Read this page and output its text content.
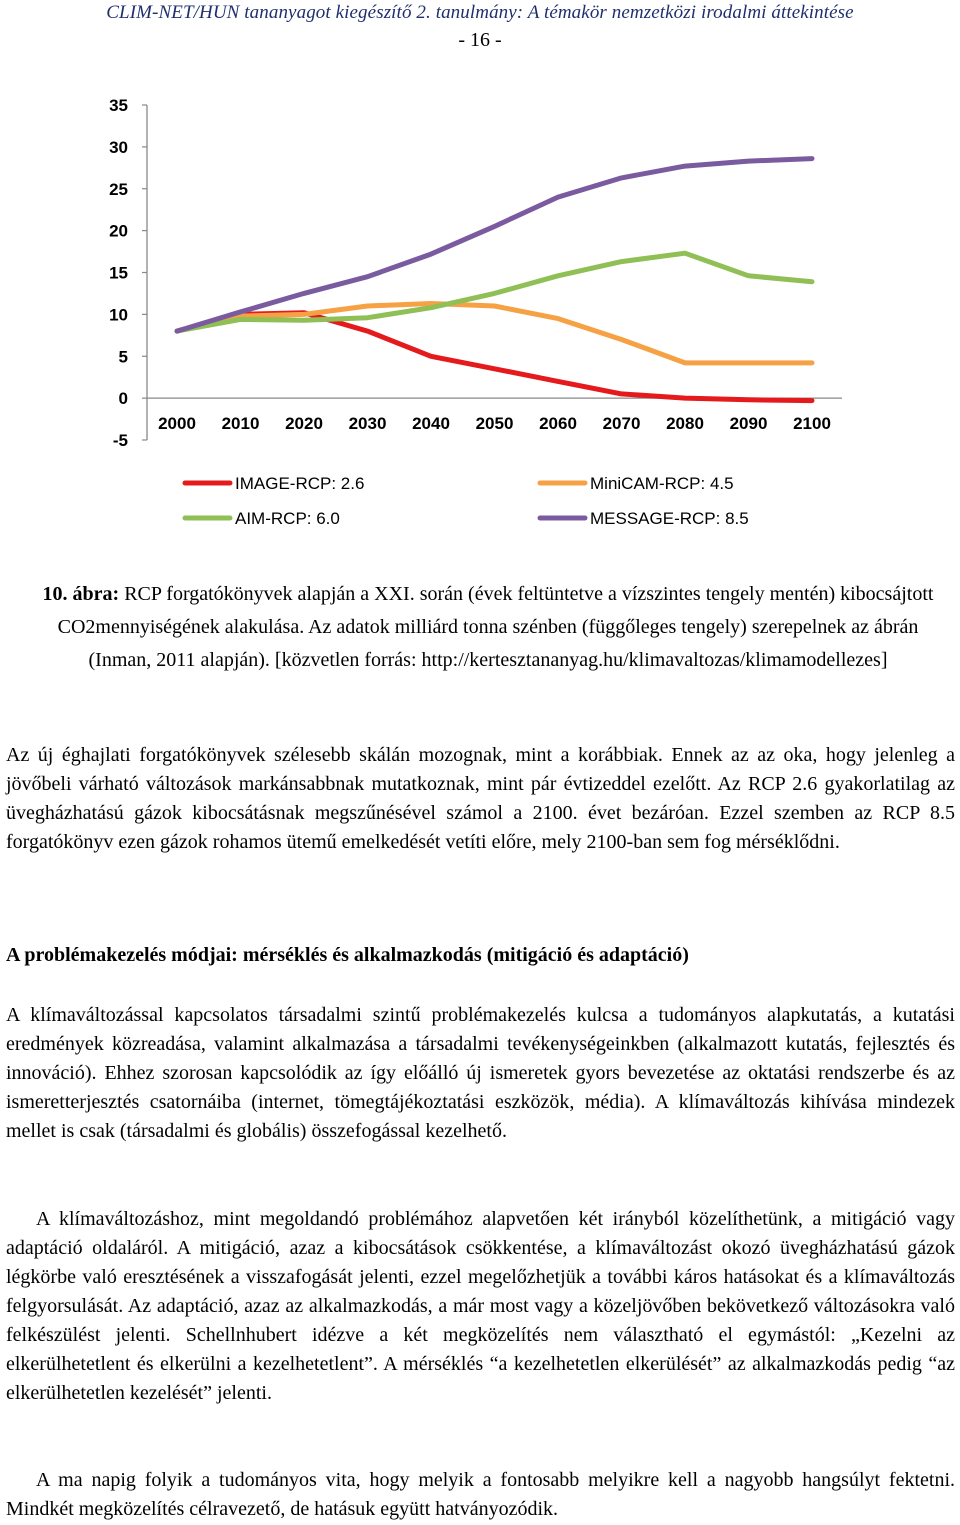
CLIM-NET/HUN tananyagot kiegészítő 2. tanulmány: A témakör nemzetközi irodalmi áttekintése
- 16 -
35
30
25
20
15
10
5
0
-5
2000 2010 2020 2030 2040 2050 2060 2070 2080 2090 2100
IMAGE-RCP: 2.6	MiniCAM-RCP: 4.5
AIM-RCP: 6.0	MESSAGE-RCP: 8.5
10. ábra: RCP forgatókönyvek alapján a XXI. során (évek feltüntetve a vízszintes tengely mentén) kibocsájtott CO2mennyiségének alakulása. Az adatok milliárd tonna szénben (függőleges tengely) szerepelnek az ábrán (Inman, 2011 alapján). [közvetlen forrás: http://kertesztananyag.hu/klimavaltozas/klimamodellezes]

Az új éghajlati forgatókönyvek szélesebb skálán mozognak, mint a korábbiak. Ennek az az oka, hogy jelenleg a jövőbeli várható változások markánsabbnak mutatkoznak, mint pár évtizeddel ezelőtt. Az RCP 2.6 gyakorlatilag az üvegházhatású gázok kibocsátásnak megszűnésével számol a 2100. évet bezáróan. Ezzel szemben az RCP 8.5 forgatókönyv ezen gázok rohamos ütemű emelkedését vetíti előre, mely 2100-ban sem fog mérséklődni.

A problémakezelés módjai: mérséklés és alkalmazkodás (mitigáció és adaptáció)

A klímaváltozással kapcsolatos társadalmi szintű problémakezelés kulcsa a tudományos alapkutatás, a kutatási eredmények közreadása, valamint alkalmazása a társadalmi tevékenységeinkben (alkalmazott kutatás, fejlesztés és innováció). Ehhez szorosan kapcsolódik az így előálló új ismeretek gyors bevezetése az oktatási rendszerbe és az ismeretterjesztés csatornáiba (internet, tömegtájékoztatási eszközök, média). A klímaváltozás kihívása mindezek mellet is csak (társadalmi és globális) összefogással kezelhető.

A klímaváltozáshoz, mint megoldandó problémához alapvetően két irányból közelíthetünk, a mitigáció vagy adaptáció oldaláról. A mitigáció, azaz a kibocsátások csökkentése, a klímaváltozást okozó üvegházhatású gázok légkörbe való eresztésének a visszafogását jelenti, ezzel megelőzhetjük a további káros hatásokat és a klímaváltozás felgyorsulását. Az adaptáció, azaz az alkalmazkodás, a már most vagy a közeljövőben bekövetkező változásokra való felkészülést jelenti. Schellnhubert idézve a két megközelítés nem választható el egymástól: „Kezelni az elkerülhetetlent és elkerülni a kezelhetetlent”. A mérséklés “a kezelhetetlen elkerülését” az alkalmazkodás pedig “az elkerülhetetlen kezelését” jelenti.

A ma napig folyik a tudományos vita, hogy melyik a fontosabb melyikre kell a nagyobb hangsúlyt fektetni. Mindkét megközelítés célravezető, de hatásuk együtt hatványozódik.
